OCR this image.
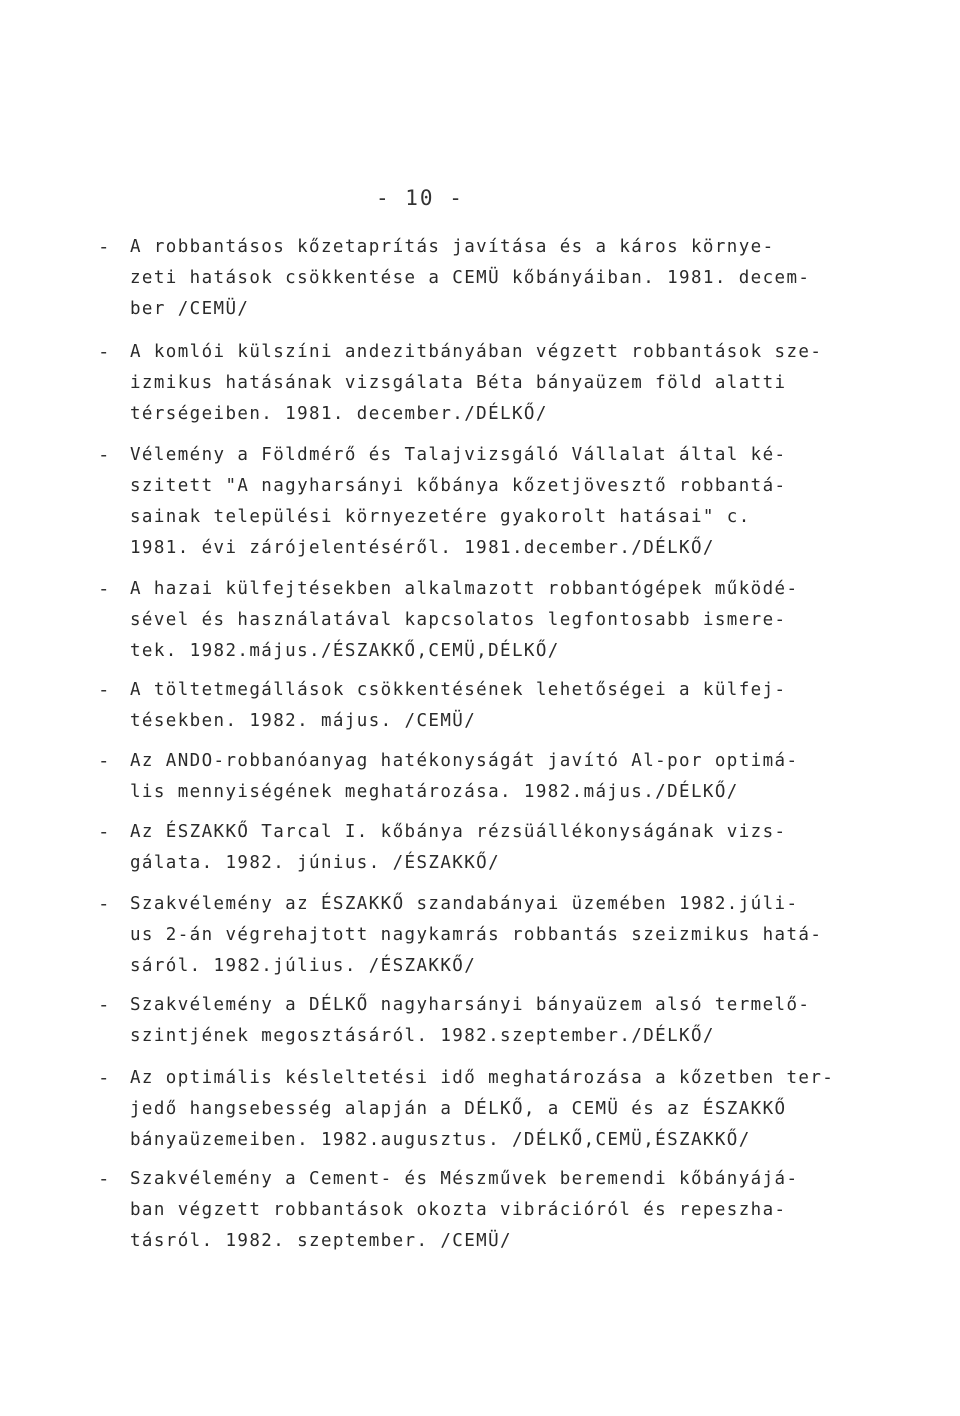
- 10 -
- A robbantásos kőzetaprítás javítása és a káros környe-
zeti hatások csökkentése a CEMÜ kőbányáiban. 1981. decem-
ber /CEMÜ/
- A komlói külszíni andezitbányában végzett robbantások sze-
izmikus hatásának vizsgálata Béta bányaüzem föld alatti
térségeiben. 1981. december./DÉLKŐ/
- Vélemény a Földmérő és Talajvizsgáló Vállalat által ké-
szitett "A nagyharsányi kőbánya kőzetjövesztő robbantá-
sainak települési környezetére gyakorolt hatásai" c.
1981. évi zárójelentéséről. 1981.december./DÉLKŐ/
- A hazai külfejtésekben alkalmazott robbantógépek működé-
sével és használatával kapcsolatos legfontosabb ismere-
tek. 1982.május./ÉSZAKKŐ,CEMÜ,DÉLKŐ/
- A töltetmegállások csökkentésének lehetőségei a külfej-
tésekben. 1982. május. /CEMÜ/
- Az ANDO-robbanóanyag hatékonyságát javító Al-por optimá-
lis mennyiségének meghatározása. 1982.május./DÉLKŐ/
- Az ÉSZAKKŐ Tarcal I. kőbánya rézsüállékonyságának vizs-
gálata. 1982. június. /ÉSZAKKŐ/
- Szakvélemény az ÉSZAKKŐ szandabányai üzemében 1982.júli-
us 2-án végrehajtott nagykamrás robbantás szeizmikus hatá-
sáról. 1982.július. /ÉSZAKKŐ/
- Szakvélemény a DÉLKŐ nagyharsányi bányaüzem alsó termelő-
szintjének megosztásáról. 1982.szeptember./DÉLKŐ/
- Az optimális késleltetési idő meghatározása a kőzetben ter-
jedő hangsebesség alapján a DÉLKŐ, a CEMÜ és az ÉSZAKKŐ
bányaüzemeiben. 1982.augusztus. /DÉLKŐ,CEMÜ,ÉSZAKKŐ/
- Szakvélemény a Cement- és Mészművek beremendi kőbányájá-
ban végzett robbantások okozta vibrációról és repeszha-
tásról. 1982. szeptember. /CEMÜ/
